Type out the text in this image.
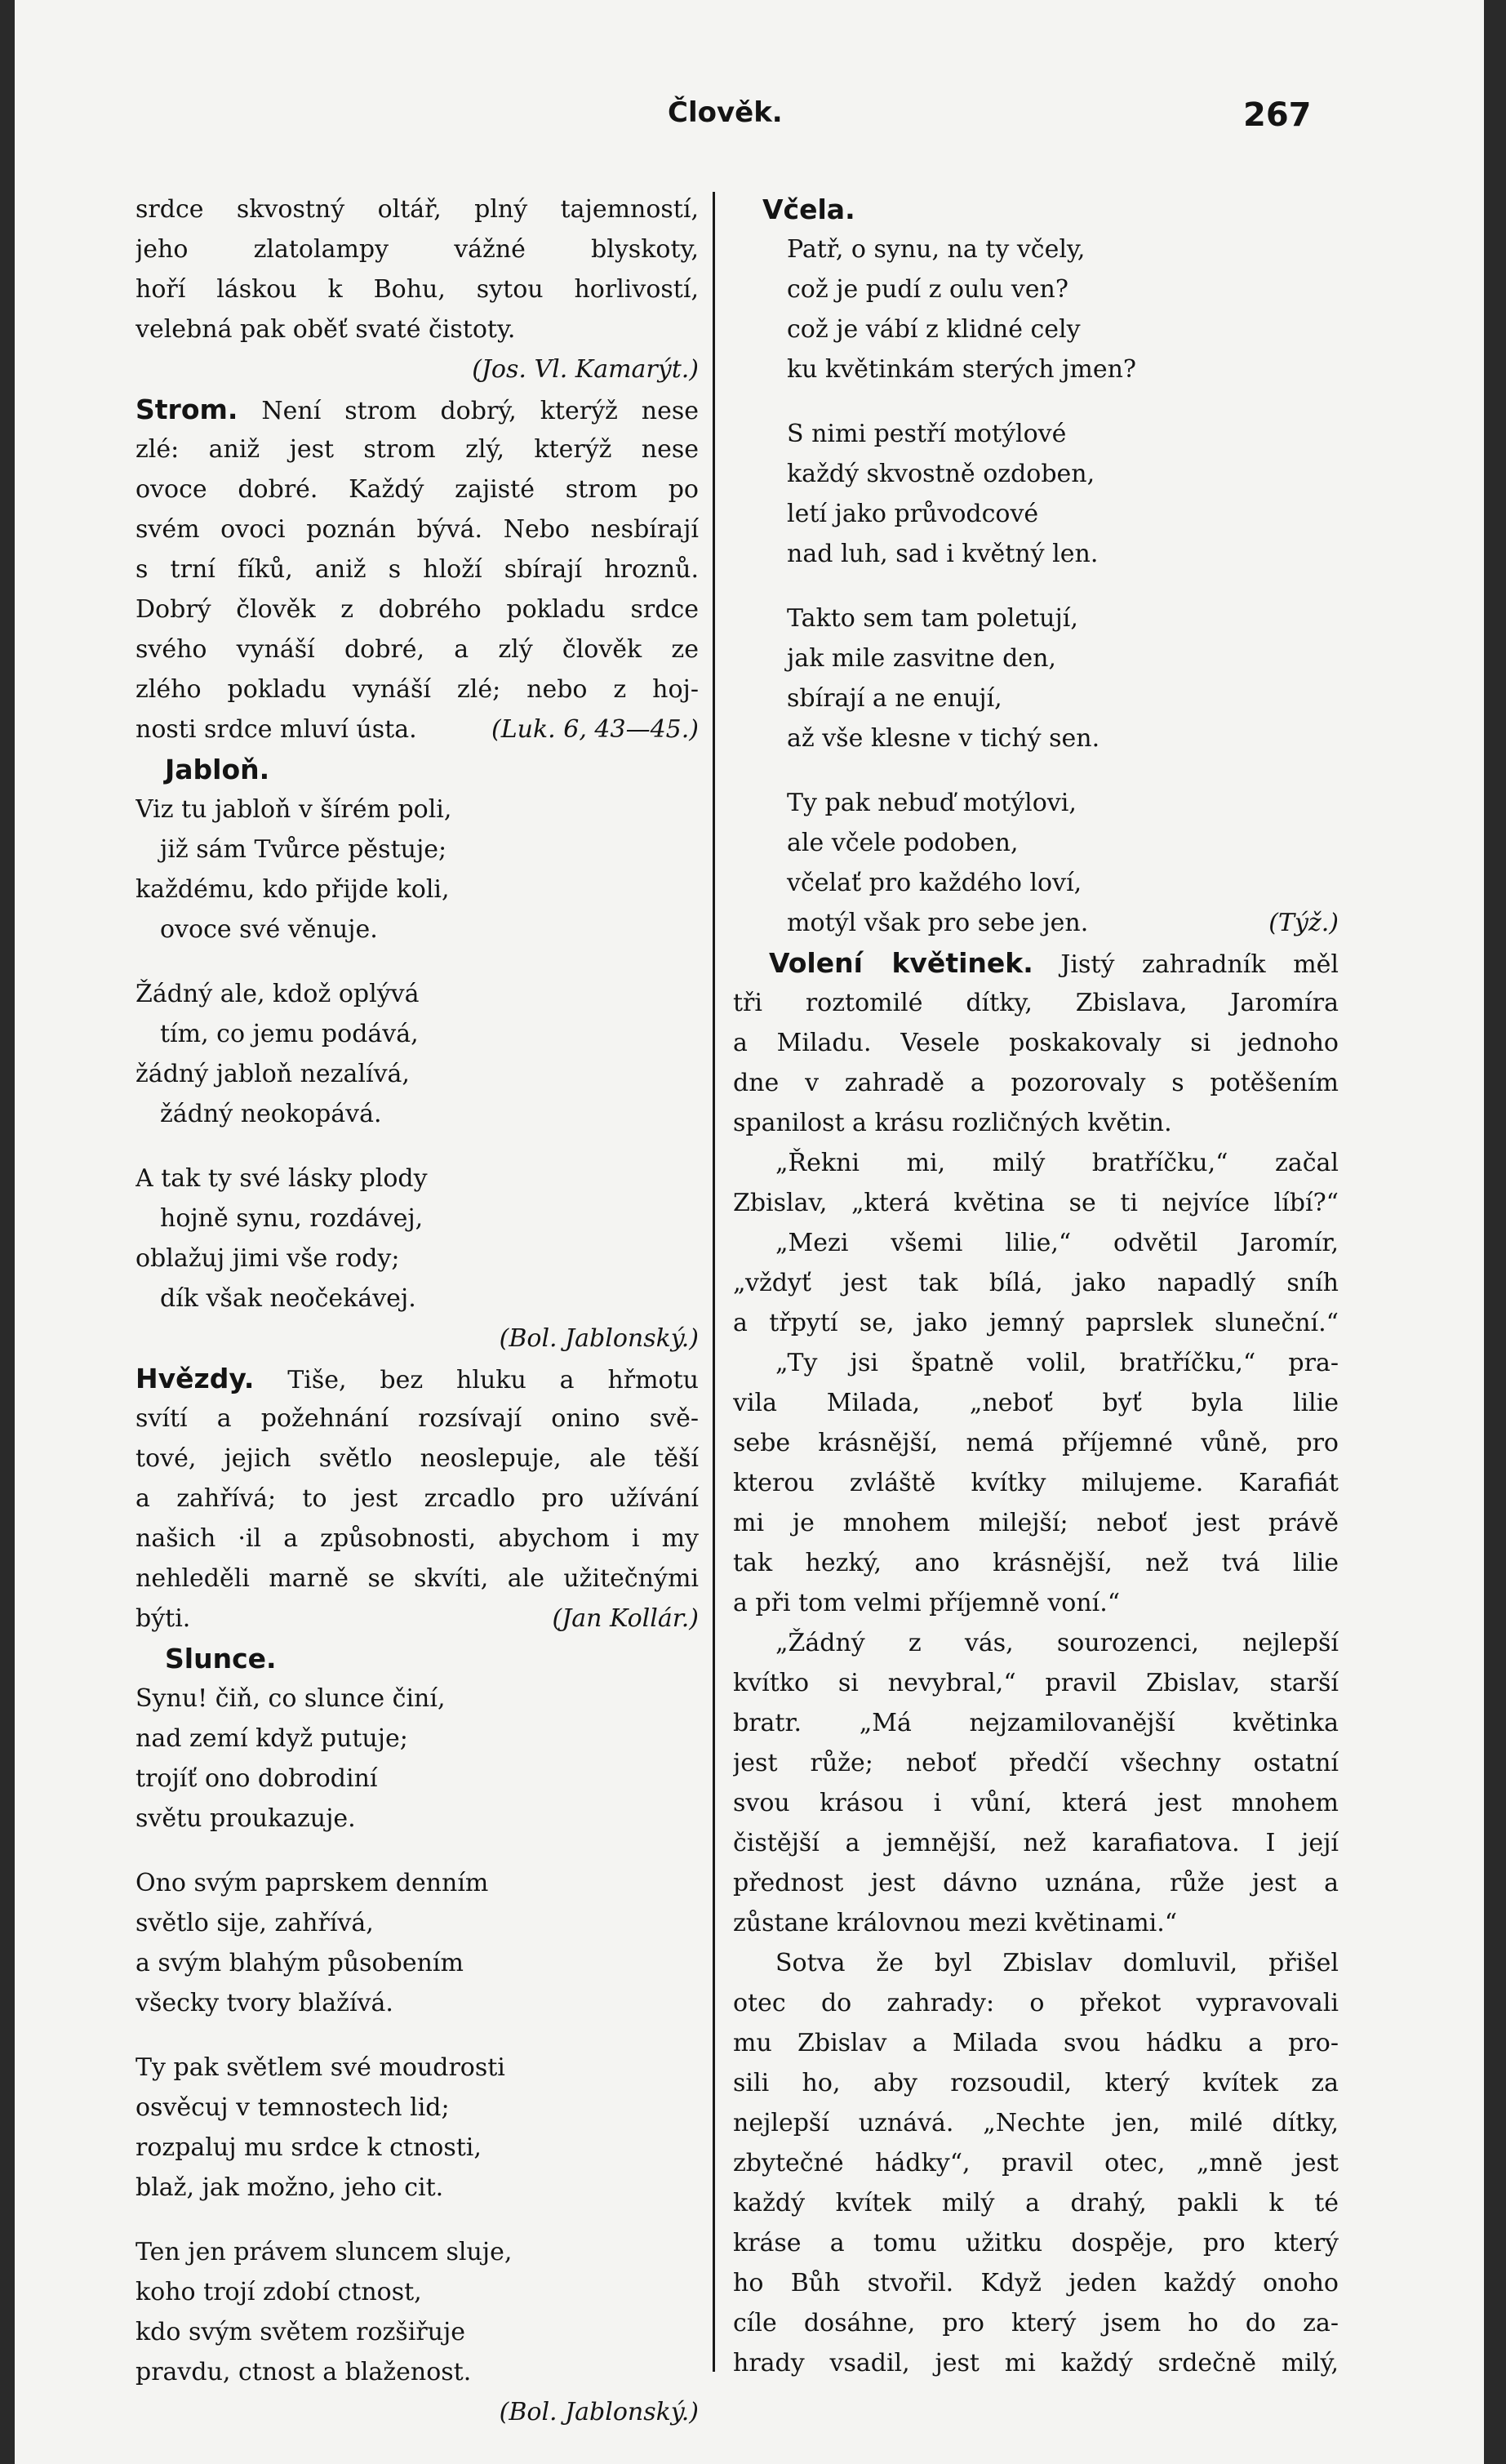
Člověk.	267
srdce skvostný oltář, plný tajemností,
jeho zlatolampy vážné blyskoty,
hoří láskou k Bohu, sytou horlivostí,
velebná pak oběť svaté čistoty.
(Jos. Vl. Kamarýt.)
Strom. Není strom dobrý, kterýž nese
zlé: aniž jest strom zlý, kterýž nese
ovoce dobré. Každý zajisté strom po
svém ovoci poznán bývá. Nebo nesbírají
s trní fíků, aniž s hloží sbírají hroznů.
Dobrý člověk z dobrého pokladu srdce
svého vynáší dobré, a zlý člověk ze
zlého pokladu vynáší zlé; nebo z hoj-
nosti srdce mluví ústa.	(Luk. 6, 43—45.)
Jabloň.
Viz tu jabloň v šírém poli,
již sám Tvůrce pěstuje;
každému, kdo přijde koli,
ovoce své věnuje.
Žádný ale, kdož oplývá
tím, co jemu podává,
žádný jabloň nezalívá,
žádný neokopává.
A tak ty své lásky plody
hojně synu, rozdávej,
oblažuj jimi vše rody;
dík však neočekávej.
(Bol. Jablonský.)
Hvězdy. Tiše, bez hluku a hřmotu
svítí a požehnání rozsívají onino svě-
tové, jejich světlo neoslepuje, ale těší
a zahřívá; to jest zrcadlo pro užívání
našich ·il a způsobnosti, abychom i my
nehleděli marně se skvíti, ale užitečnými
býti.	(Jan Kollár.)
Slunce.
Synu! čiň, co slunce činí,
nad zemí když putuje;
trojíť ono dobrodiní
světu proukazuje.
Ono svým paprskem denním
světlo sije, zahřívá,
a svým blahým působením
všecky tvory blažívá.
Ty pak světlem své moudrosti
osvěcuj v temnostech lid;
rozpaluj mu srdce k ctnosti,
blaž, jak možno, jeho cit.
Ten jen právem sluncem sluje,
koho trojí zdobí ctnost,
kdo svým světem rozšiřuje
pravdu, ctnost a blaženost.
(Bol. Jablonský.)
Včela.
Patř, o synu, na ty včely,
což je pudí z oulu ven?
což je vábí z klidné cely
ku květinkám sterých jmen?
S nimi pestří motýlové
každý skvostně ozdoben,
letí jako průvodcové
nad luh, sad i květný len.
Takto sem tam poletují,
jak mile zasvitne den,
sbírají a ne enují,
až vše klesne v tichý sen.
Ty pak nebuď motýlovi,
ale včele podoben,
včelať pro každého loví,
motýl však pro sebe jen.	(Týž.)
Volení květinek. Jistý zahradník měl
tři roztomilé dítky, Zbislava, Jaromíra
a Miladu. Vesele poskakovaly si jednoho
dne v zahradě a pozorovaly s potěšením
spanilost a krásu rozličných květin.
„Řekni mi, milý bratříčku,“ začal
Zbislav, „která květina se ti nejvíce líbí?“
„Mezi všemi lilie,“ odvětil Jaromír,
„vždyť jest tak bílá, jako napadlý sníh
a třpytí se, jako jemný paprslek sluneční.“
„Ty jsi špatně volil, bratříčku,“ pra-
vila Milada, „neboť byť byla lilie
sebe krásnější, nemá příjemné vůně, pro
kterou zvláště kvítky milujeme. Karafiát
mi je mnohem milejší; neboť jest právě
tak hezký, ano krásnější, než tvá lilie
a při tom velmi příjemně voní.“
„Žádný z vás, sourozenci, nejlepší
kvítko si nevybral,“ pravil Zbislav, starší
bratr. „Má nejzamilovanější květinka
jest růže; neboť předčí všechny ostatní
svou krásou i vůní, která jest mnohem
čistější a jemnější, než karafiatova. I její
přednost jest dávno uznána, růže jest a
zůstane královnou mezi květinami.“
Sotva že byl Zbislav domluvil, přišel
otec do zahrady: o překot vypravovali
mu Zbislav a Milada svou hádku a pro-
sili ho, aby rozsoudil, který kvítek za
nejlepší uznává. „Nechte jen, milé dítky,
zbytečné hádky“, pravil otec, „mně jest
každý kvítek milý a drahý, pakli k té
kráse a tomu užitku dospěje, pro který
ho Bůh stvořil. Když jeden každý onoho
cíle dosáhne, pro který jsem ho do za-
hrady vsadil, jest mi každý srdečně milý,
